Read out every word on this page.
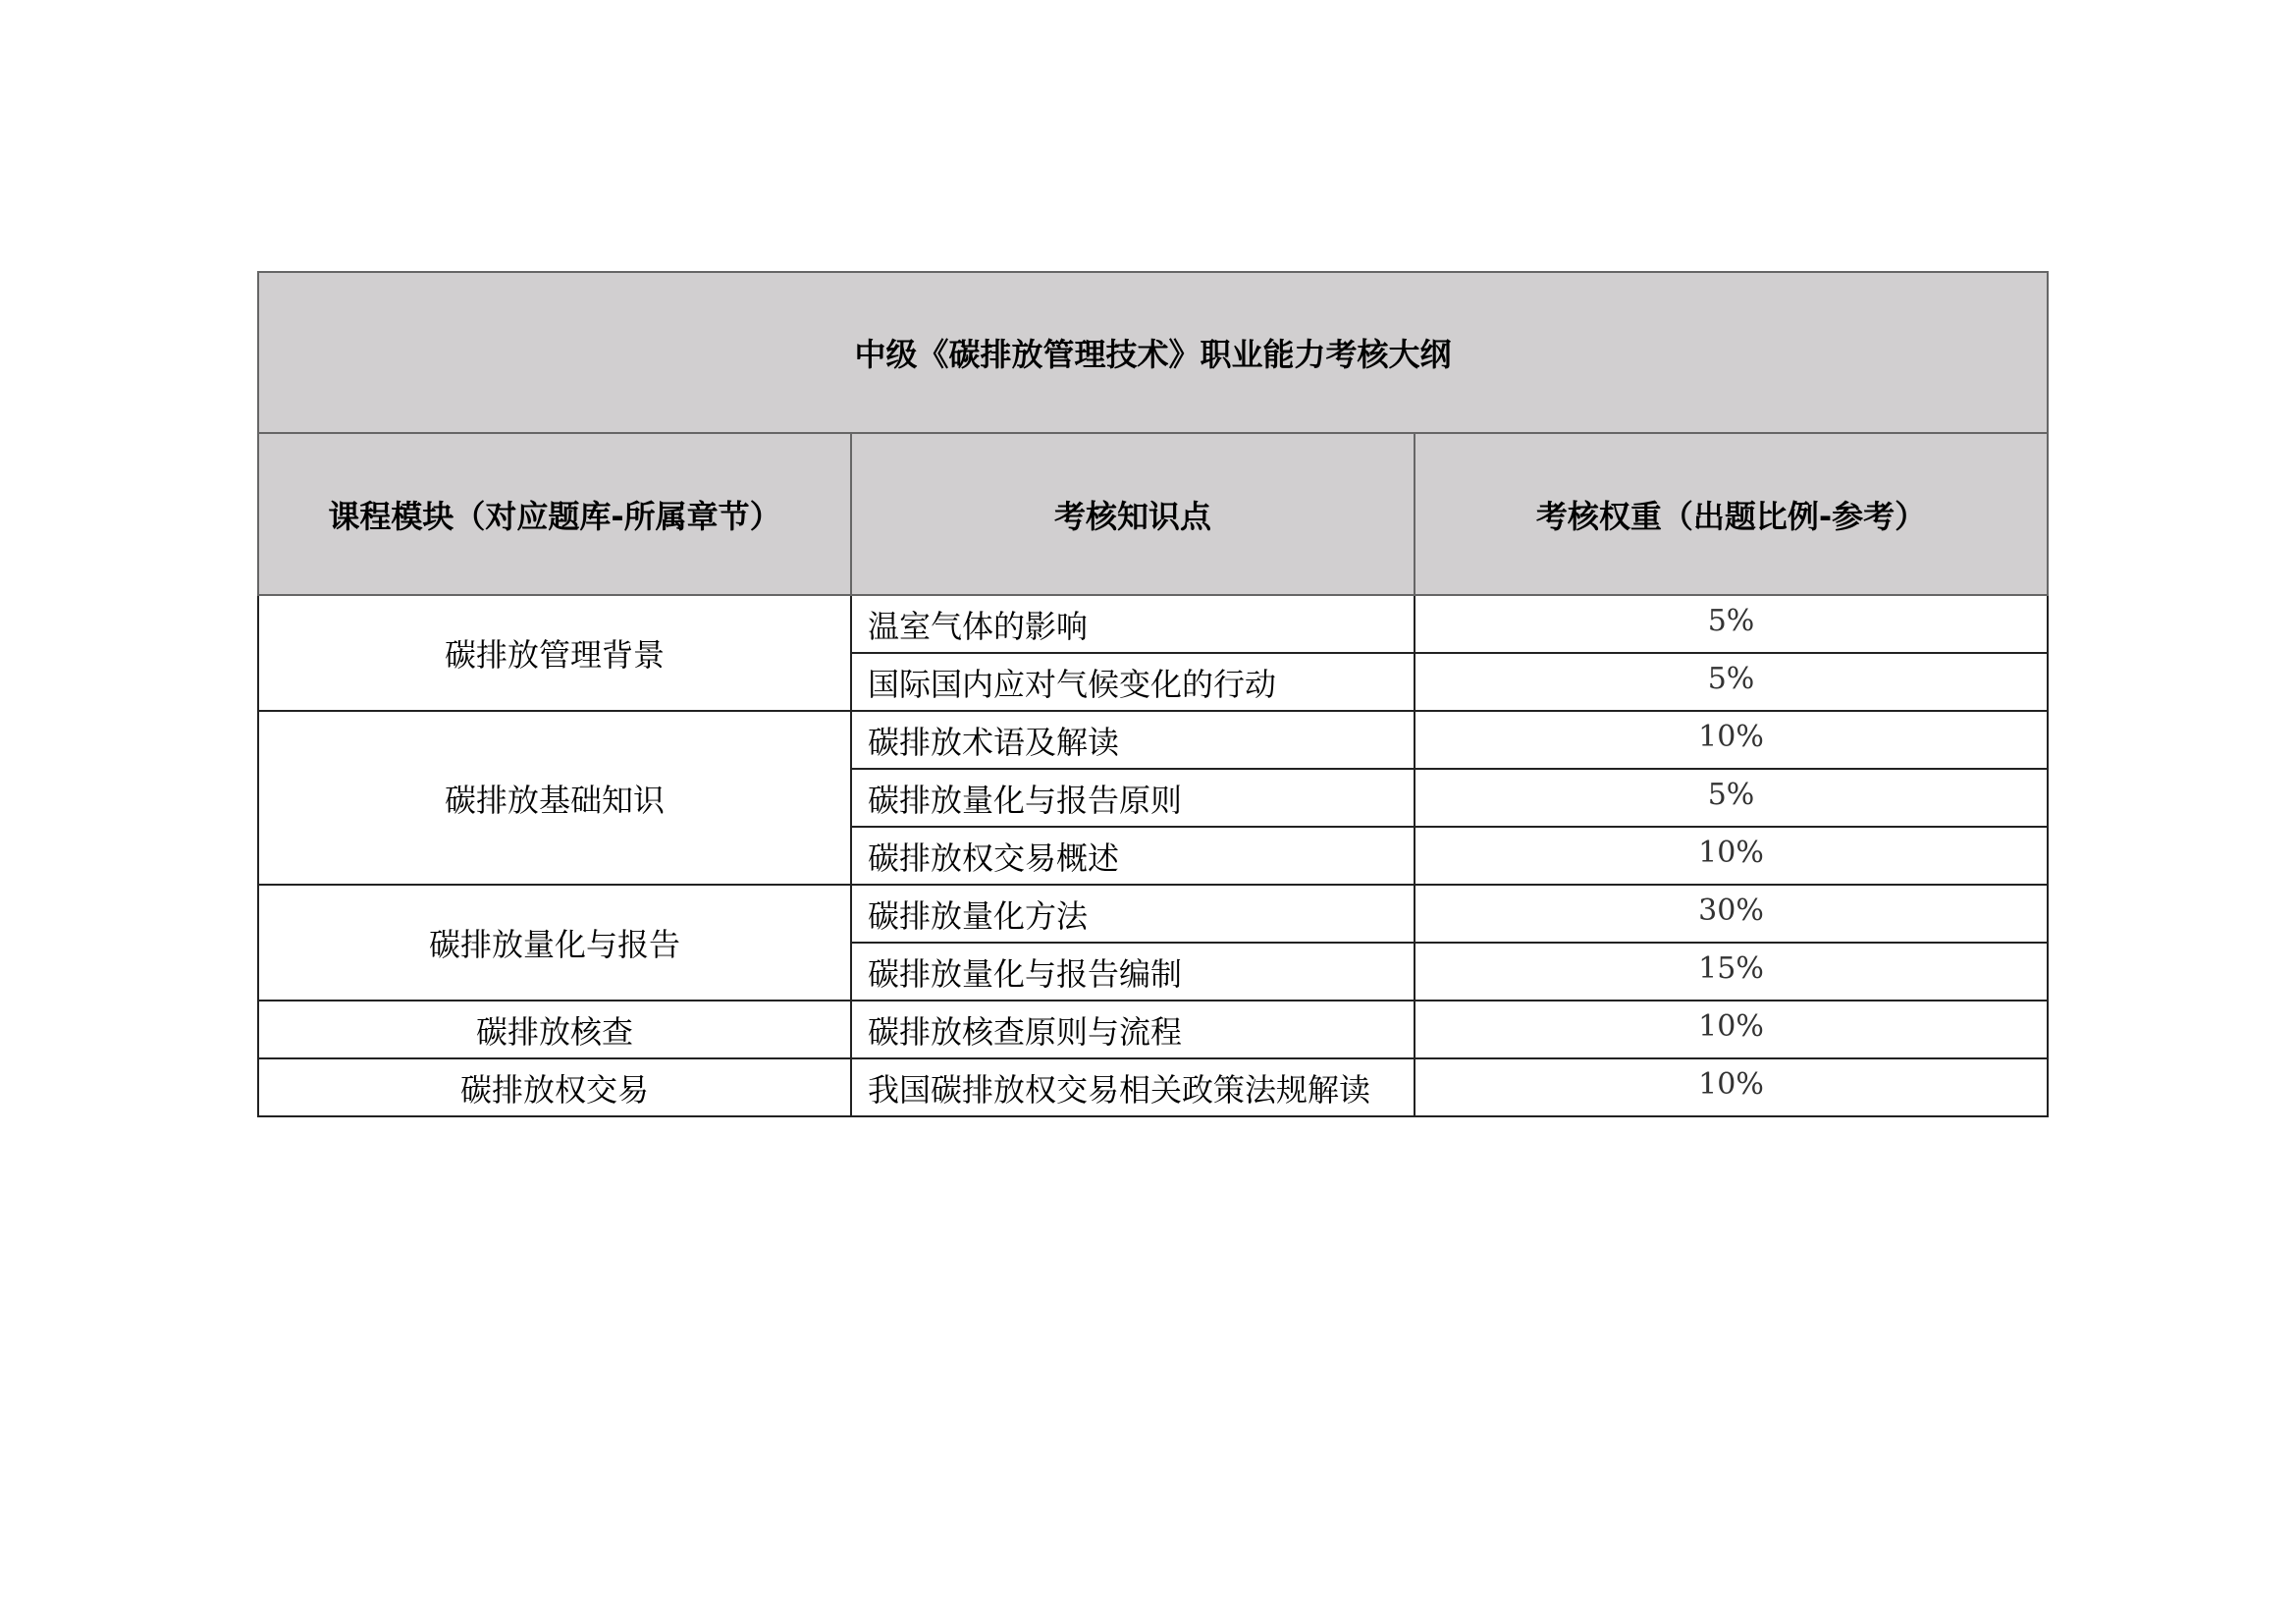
中级《碳排放管理技术》职业能力考核大纲		
课程模块（对应题库-所属章节）	考核知识点	考核权重（出题比例-参考）
碳排放管理背景	温室气体的影响	5%
	国际国内应对气候变化的行动	5%
碳排放基础知识	碳排放术语及解读	10%
	碳排放量化与报告原则	5%
	碳排放权交易概述	10%
碳排放量化与报告	碳排放量化方法	30%
	碳排放量化与报告编制	15%
碳排放核查	碳排放核查原则与流程	10%
碳排放权交易	我国碳排放权交易相关政策法规解读	10%
